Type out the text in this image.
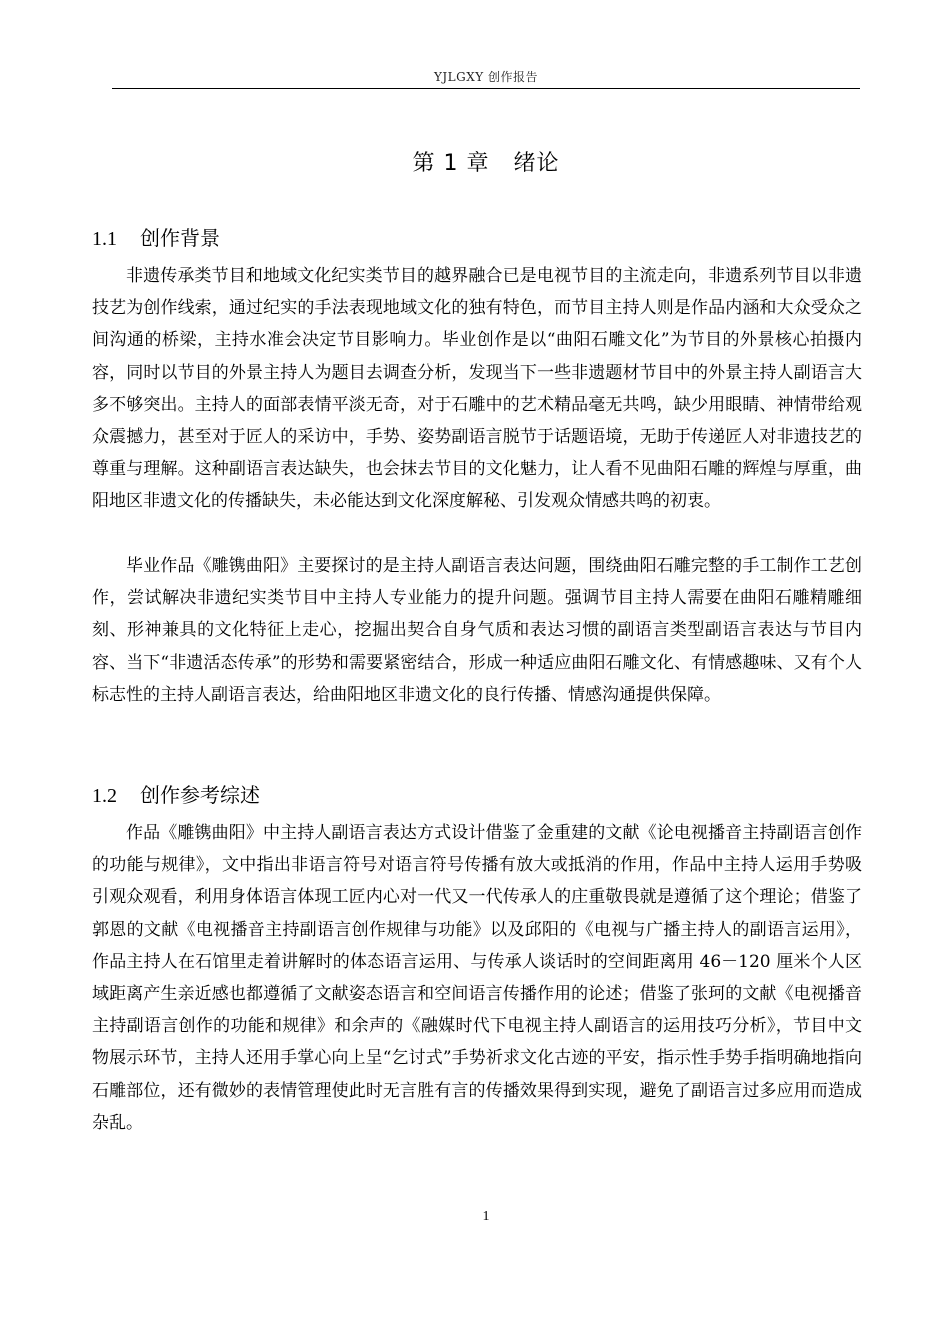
YJLGXY 创作报告
第 1 章   绪论
1.1 创作背景

非遗传承类节目和地域文化纪实类节目的越界融合已是电视节目的主流走向，非遗系列节目以非遗技艺为创作线索，通过纪实的手法表现地域文化的独有特色，而节目主持人则是作品内涵和大众受众之间沟通的桥梁，主持水准会决定节目影响力。毕业创作是以“曲阳石雕文化”为节目的外景核心拍摄内容，同时以节目的外景主持人为题目去调查分析，发现当下一些非遗题材节目中的外景主持人副语言大多不够突出。主持人的面部表情平淡无奇，对于石雕中的艺术精品毫无共鸣，缺少用眼睛、神情带给观众震撼力，甚至对于匠人的采访中，手势、姿势副语言脱节于话题语境，无助于传递匠人对非遗技艺的尊重与理解。这种副语言表达缺失，也会抹去节目的文化魅力，让人看不见曲阳石雕的辉煌与厚重，曲阳地区非遗文化的传播缺失，未必能达到文化深度解秘、引发观众情感共鸣的初衷。

毕业作品《雕镌曲阳》主要探讨的是主持人副语言表达问题，围绕曲阳石雕完整的手工制作工艺创作，尝试解决非遗纪实类节目中主持人专业能力的提升问题。强调节目主持人需要在曲阳石雕精雕细刻、形神兼具的文化特征上走心，挖掘出契合自身气质和表达习惯的副语言类型副语言表达与节目内容、当下“非遗活态传承”的形势和需要紧密结合，形成一种适应曲阳石雕文化、有情感趣味、又有个人标志性的主持人副语言表达，给曲阳地区非遗文化的良行传播、情感沟通提供保障。

1.2 创作参考综述

作品《雕镌曲阳》中主持人副语言表达方式设计借鉴了金重建的文献《论电视播音主持副语言创作的功能与规律》，文中指出非语言符号对语言符号传播有放大或抵消的作用，作品中主持人运用手势吸引观众观看，利用身体语言体现工匠内心对一代又一代传承人的庄重敬畏就是遵循了这个理论；借鉴了郭恩的文献《电视播音主持副语言创作规律与功能》以及邱阳的《电视与广播主持人的副语言运用》，作品主持人在石馆里走着讲解时的体态语言运用、与传承人谈话时的空间距离用 46－120 厘米个人区域距离产生亲近感也都遵循了文献姿态语言和空间语言传播作用的论述；借鉴了张珂的文献《电视播音主持副语言创作的功能和规律》和余声的《融媒时代下电视主持人副语言的运用技巧分析》，节目中文物展示环节，主持人还用手掌心向上呈“乞讨式”手势祈求文化古迹的平安，指示性手势手指明确地指向石雕部位，还有微妙的表情管理使此时无言胜有言的传播效果得到实现，避免了副语言过多应用而造成杂乱。

1
